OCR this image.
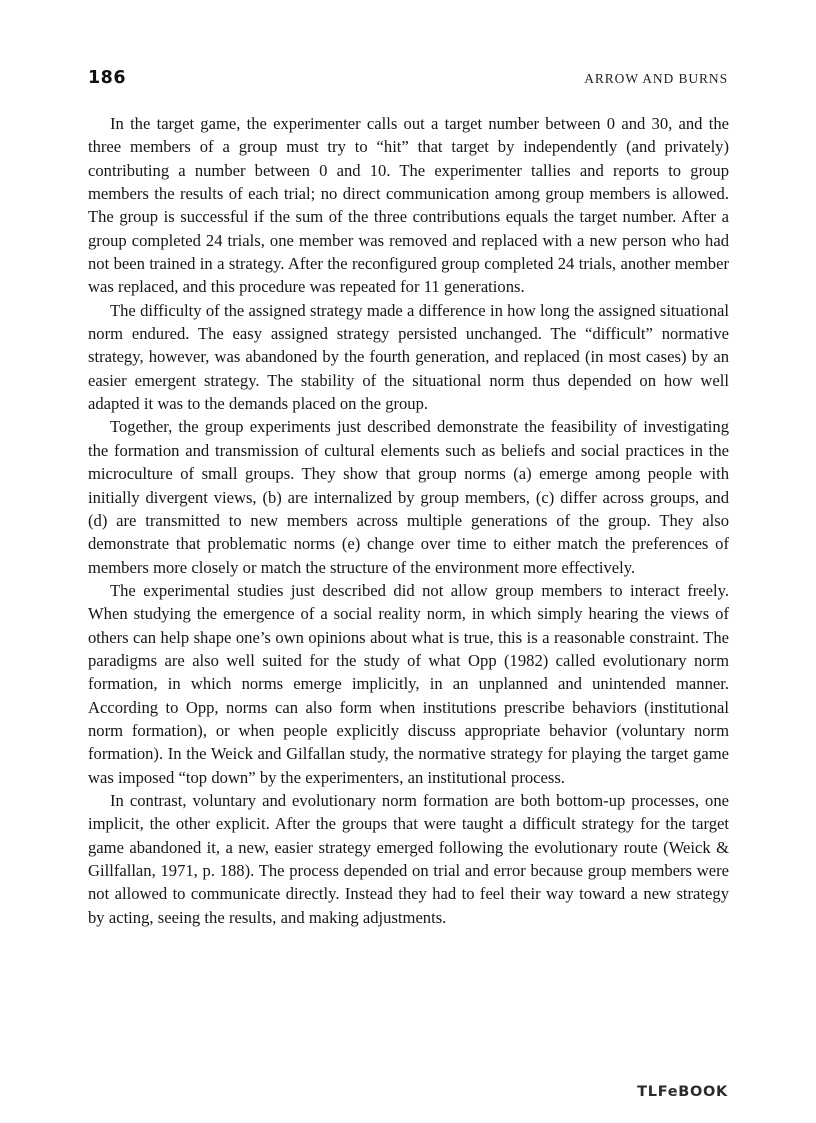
186	ARROW AND BURNS

In the target game, the experimenter calls out a target number between 0 and 30, and the three members of a group must try to “hit” that target by independently (and privately) contributing a number between 0 and 10. The experimenter tallies and reports to group members the results of each trial; no direct communication among group members is allowed. The group is successful if the sum of the three contributions equals the target number. After a group completed 24 trials, one member was removed and replaced with a new person who had not been trained in a strategy. After the reconfigured group completed 24 trials, another member was replaced, and this procedure was repeated for 11 generations.

The difficulty of the assigned strategy made a difference in how long the assigned situational norm endured. The easy assigned strategy persisted unchanged. The “difficult” normative strategy, however, was abandoned by the fourth generation, and replaced (in most cases) by an easier emergent strategy. The stability of the situational norm thus depended on how well adapted it was to the demands placed on the group.

Together, the group experiments just described demonstrate the feasibility of investigating the formation and transmission of cultural elements such as beliefs and social practices in the microculture of small groups. They show that group norms (a) emerge among people with initially divergent views, (b) are internalized by group members, (c) differ across groups, and (d) are transmitted to new members across multiple generations of the group. They also demonstrate that problematic norms (e) change over time to either match the preferences of members more closely or match the structure of the environment more effectively.

The experimental studies just described did not allow group members to interact freely. When studying the emergence of a social reality norm, in which simply hearing the views of others can help shape one’s own opinions about what is true, this is a reasonable constraint. The paradigms are also well suited for the study of what Opp (1982) called evolutionary norm formation, in which norms emerge implicitly, in an unplanned and unintended manner. According to Opp, norms can also form when institutions prescribe behaviors (institutional norm formation), or when people explicitly discuss appropriate behavior (voluntary norm formation). In the Weick and Gilfallan study, the normative strategy for playing the target game was imposed “top down” by the experimenters, an institutional process.

In contrast, voluntary and evolutionary norm formation are both bottom-up processes, one implicit, the other explicit. After the groups that were taught a difficult strategy for the target game abandoned it, a new, easier strategy emerged following the evolutionary route (Weick & Gillfallan, 1971, p. 188). The process depended on trial and error because group members were not allowed to communicate directly. Instead they had to feel their way toward a new strategy by acting, seeing the results, and making adjustments.

TLFeBOOK
